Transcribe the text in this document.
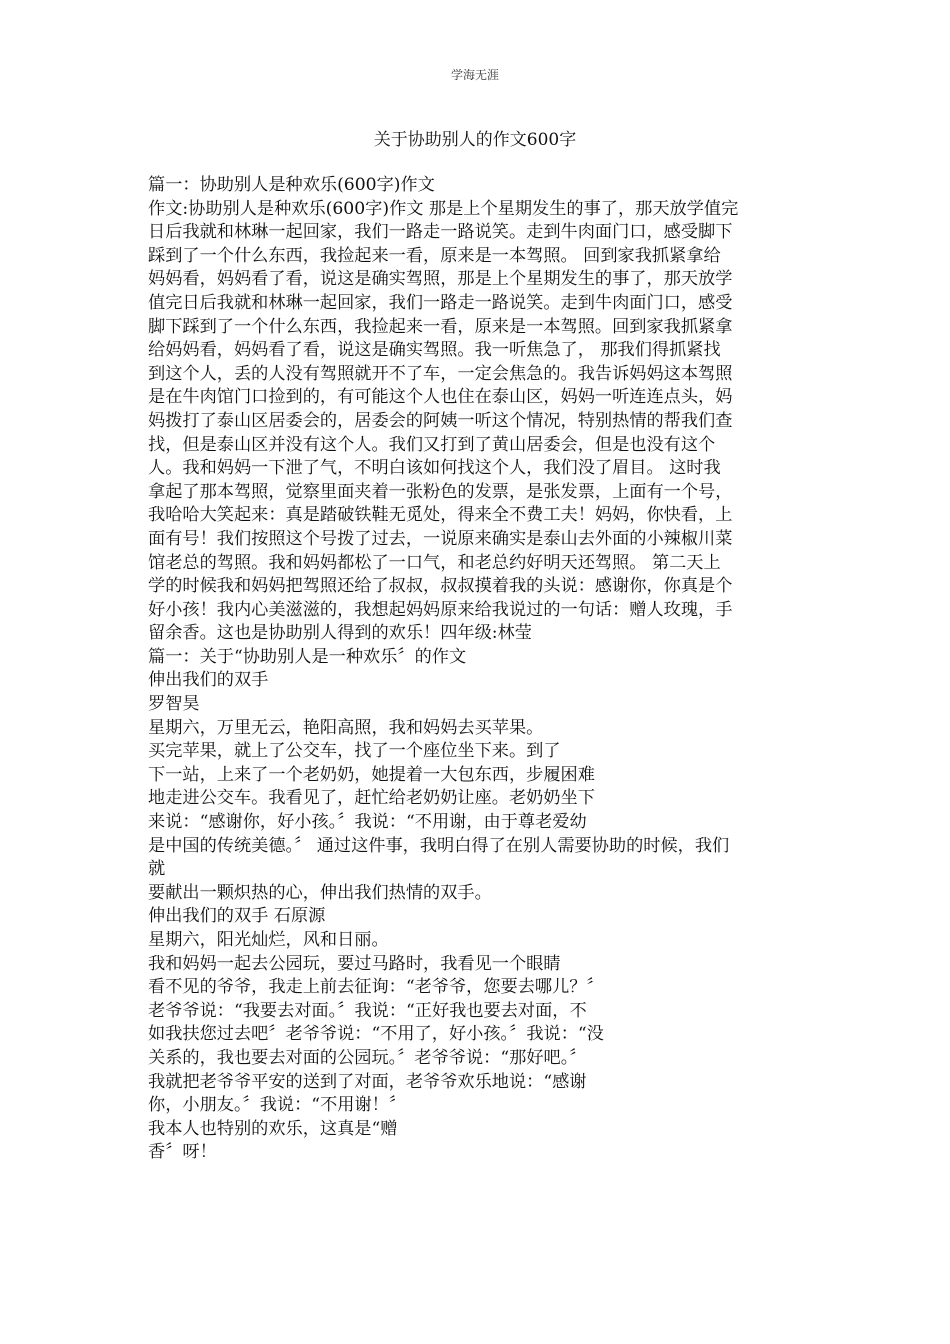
学海无涯
关于协助别人的作文600字
篇一：协助别人是种欢乐(600字)作文
作文:协助别人是种欢乐(600字)作文 那是上个星期发生的事了，那天放学值完
日后我就和林琳一起回家，我们一路走一路说笑。走到牛肉面门口，感受脚下
踩到了一个什么东西，我捡起来一看，原来是一本驾照。 回到家我抓紧拿给
妈妈看，妈妈看了看，说这是确实驾照，那是上个星期发生的事了，那天放学
值完日后我就和林琳一起回家，我们一路走一路说笑。走到牛肉面门口，感受
脚下踩到了一个什么东西，我捡起来一看，原来是一本驾照。回到家我抓紧拿
给妈妈看，妈妈看了看，说这是确实驾照。我一听焦急了， 那我们得抓紧找
到这个人，丢的人没有驾照就开不了车，一定会焦急的。我告诉妈妈这本驾照
是在牛肉馆门口捡到的，有可能这个人也住在泰山区，妈妈一听连连点头，妈
妈拨打了泰山区居委会的，居委会的阿姨一听这个情况，特别热情的帮我们查
找，但是泰山区并没有这个人。我们又打到了黄山居委会，但是也没有这个
人。我和妈妈一下泄了气，不明白该如何找这个人，我们没了眉目。 这时我
拿起了那本驾照，觉察里面夹着一张粉色的发票，是张发票，上面有一个号，
我哈哈大笑起来：真是踏破铁鞋无觅处，得来全不费工夫！妈妈，你快看，上
面有号！我们按照这个号拨了过去，一说原来确实是泰山去外面的小辣椒川菜
馆老总的驾照。我和妈妈都松了一口气，和老总约好明天还驾照。 第二天上
学的时候我和妈妈把驾照还给了叔叔，叔叔摸着我的头说：感谢你，你真是个
好小孩！我内心美滋滋的，我想起妈妈原来给我说过的一句话：赠人玫瑰，手
留余香。这也是协助别人得到的欢乐！四年级:林莹
篇一：关于“协助别人是一种欢乐〞的作文
伸出我们的双手
罗智昊
星期六，万里无云，艳阳高照，我和妈妈去买苹果。
买完苹果，就上了公交车，找了一个座位坐下来。到了
下一站，上来了一个老奶奶，她提着一大包东西，步履困难
地走进公交车。我看见了，赶忙给老奶奶让座。老奶奶坐下
来说：“感谢你，好小孩。〞我说：“不用谢，由于尊老爱幼
是中国的传统美德。〞 通过这件事，我明白得了在别人需要协助的时候，我们
就
要献出一颗炽热的心，伸出我们热情的双手。
伸出我们的双手 石原源
星期六，阳光灿烂，风和日丽。
我和妈妈一起去公园玩，要过马路时，我看见一个眼睛
看不见的爷爷，我走上前去征询：“老爷爷，您要去哪儿？〞
老爷爷说：“我要去对面。〞我说：“正好我也要去对面，不
如我扶您过去吧〞老爷爷说：“不用了，好小孩。〞我说：“没
关系的，我也要去对面的公园玩。〞老爷爷说：“那好吧。〞
我就把老爷爷平安的送到了对面，老爷爷欢乐地说：“感谢
你，小朋友。〞我说：“不用谢！〞
我本人也特别的欢乐，这真是“赠
香〞呀！
